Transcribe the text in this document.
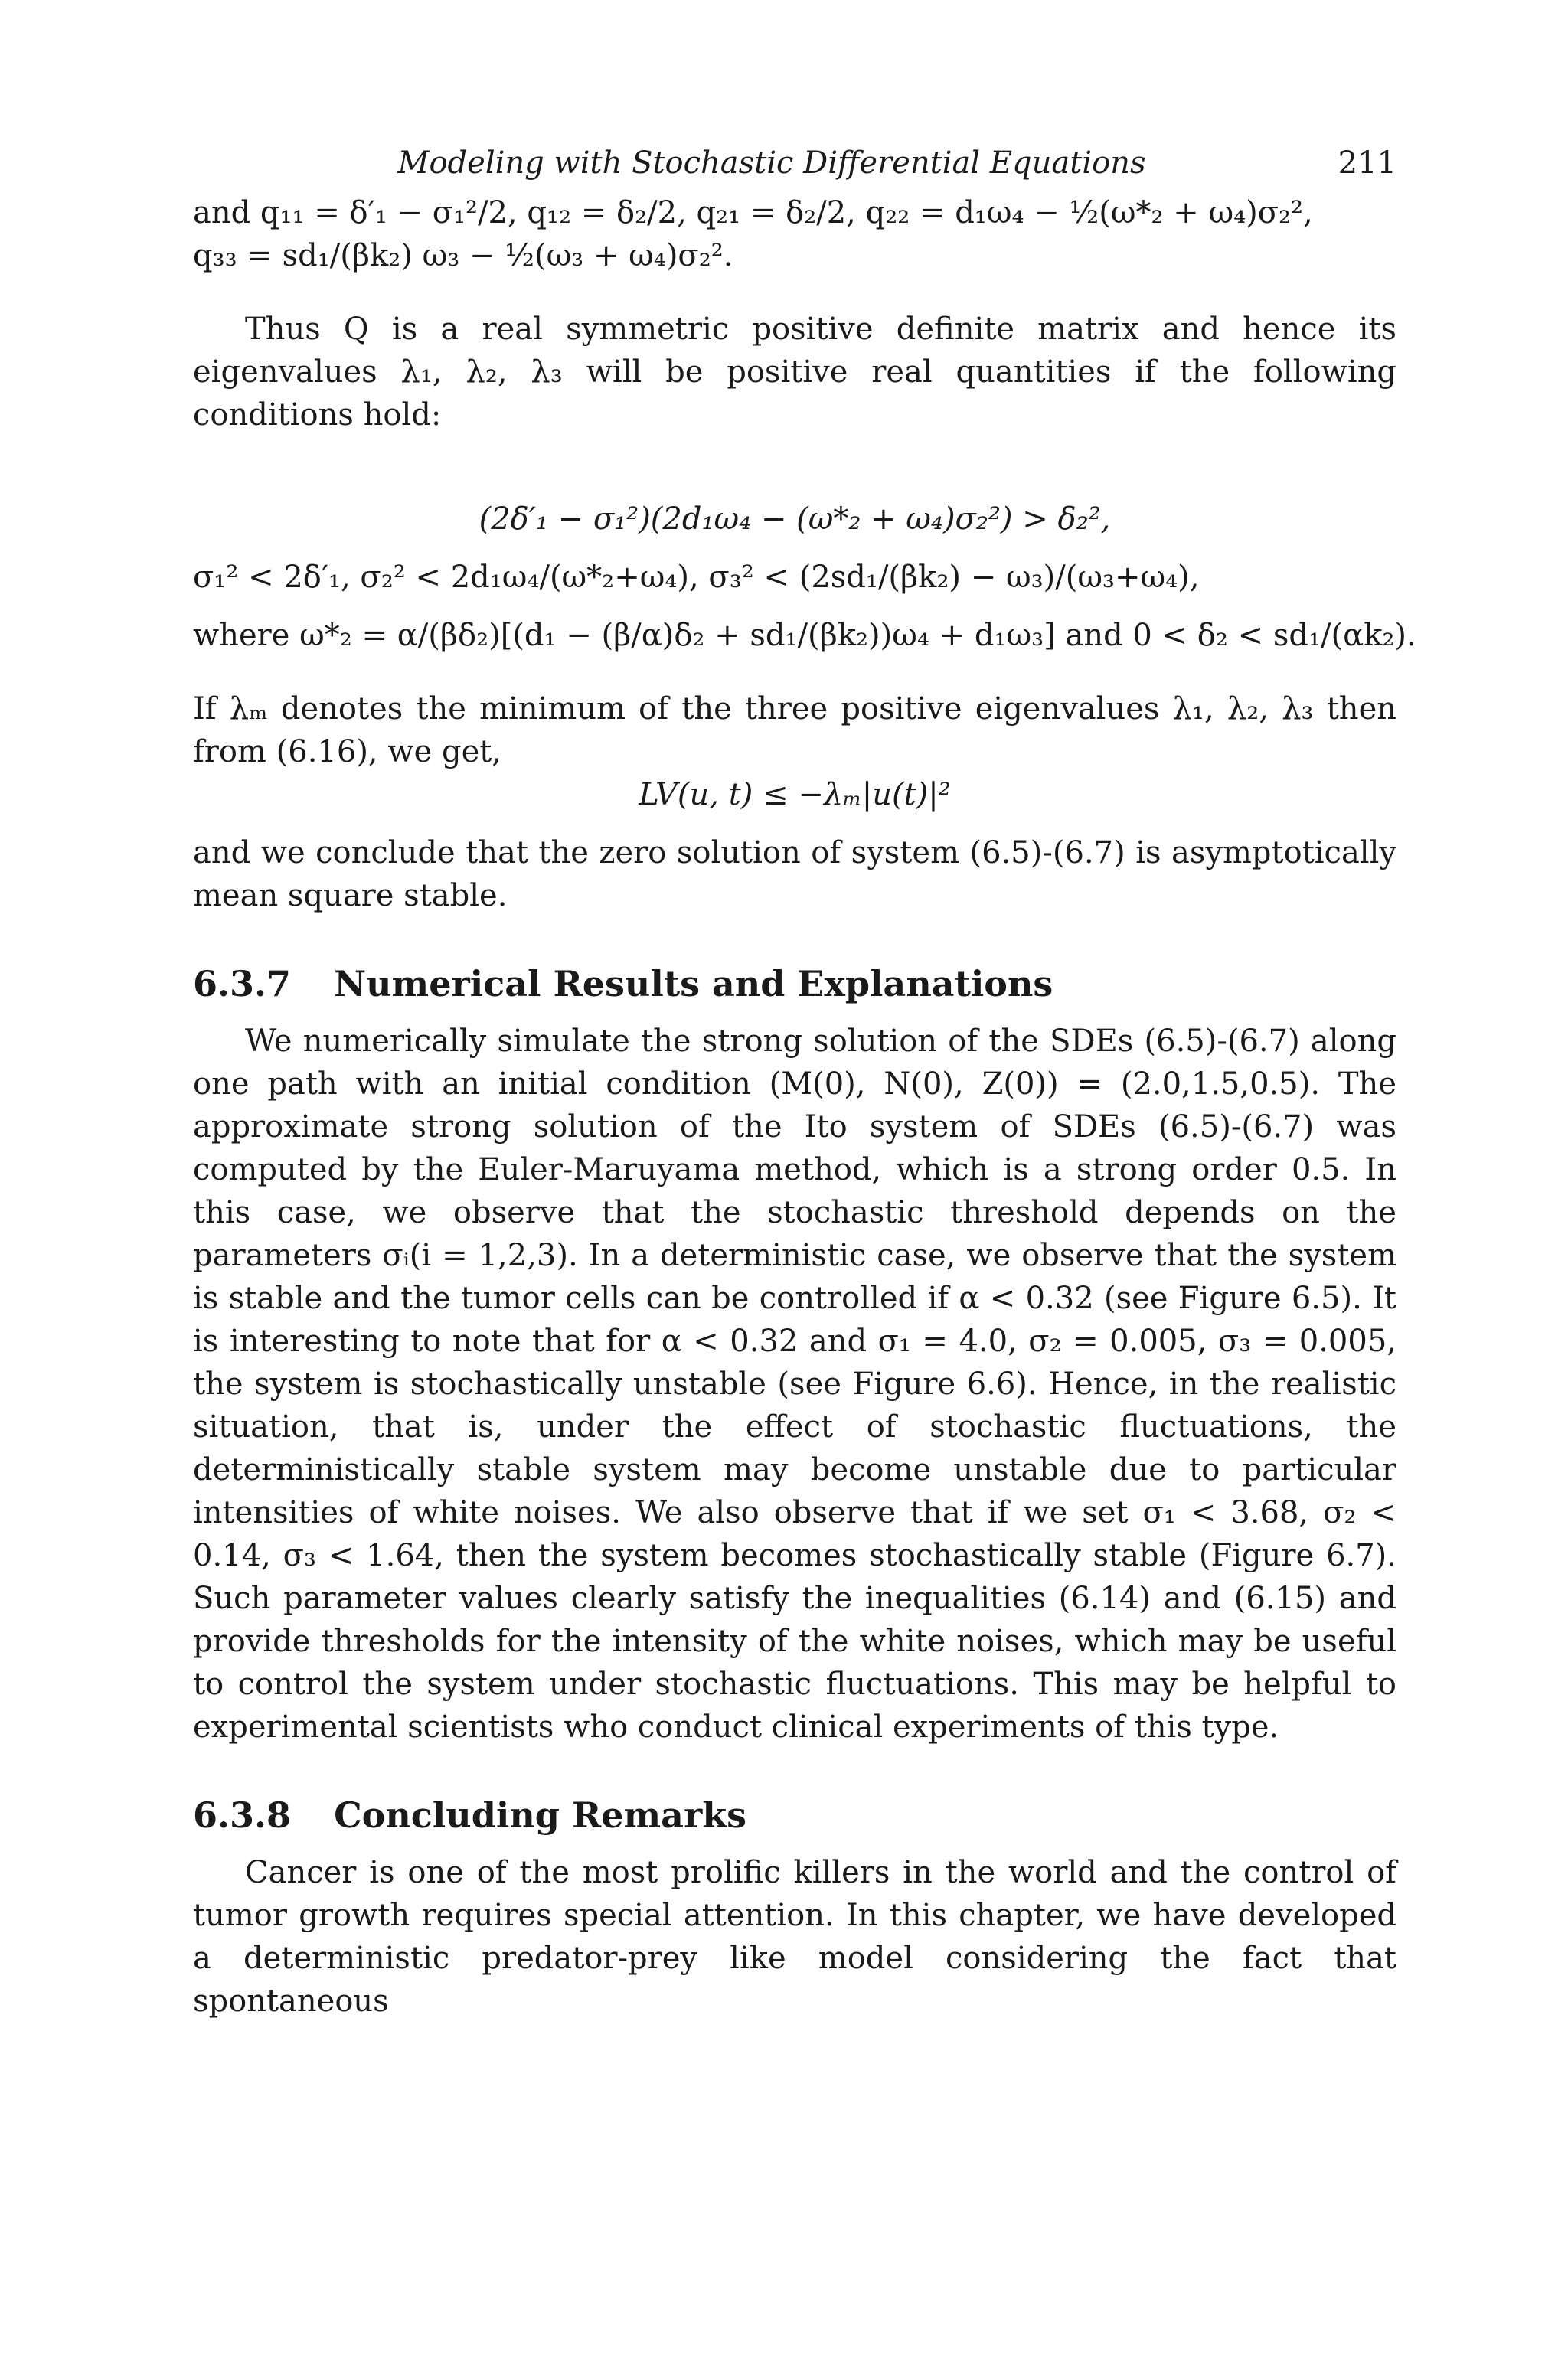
Modeling with Stochastic Differential Equations	211
and q₁₁ = δ′₁ − σ₁²/2, q₁₂ = δ₂/2, q₂₁ = δ₂/2, q₂₂ = d₁ω₄ − ½(ω*₂ + ω₄)σ₂²,
q₃₃ = sd₁/(βk₂) ω₃ − ½(ω₃ + ω₄)σ₂².

Thus Q is a real symmetric positive definite matrix and hence its eigenvalues λ₁, λ₂, λ₃ will be positive real quantities if the following conditions hold:

(2δ′₁ − σ₁²)(2d₁ω₄ − (ω*₂ + ω₄)σ₂²) > δ₂²,
σ₁² < 2δ′₁, σ₂² < 2d₁ω₄/(ω*₂+ω₄), σ₃² < (2sd₁/(βk₂) − ω₃)/(ω₃+ω₄),
where ω*₂ = α/(βδ₂)[(d₁ − (β/α)δ₂ + sd₁/(βk₂))ω₄ + d₁ω₃] and 0 < δ₂ < sd₁/(αk₂).

If λₘ denotes the minimum of the three positive eigenvalues λ₁, λ₂, λ₃ then from (6.16), we get,

LV(u, t) ≤ −λₘ|u(t)|²

and we conclude that the zero solution of system (6.5)-(6.7) is asymptotically mean square stable.

6.3.7 Numerical Results and Explanations

We numerically simulate the strong solution of the SDEs (6.5)-(6.7) along one path with an initial condition (M(0), N(0), Z(0)) = (2.0,1.5,0.5). The approximate strong solution of the Ito system of SDEs (6.5)-(6.7) was computed by the Euler-Maruyama method, which is a strong order 0.5. In this case, we observe that the stochastic threshold depends on the parameters σᵢ(i = 1,2,3). In a deterministic case, we observe that the system is stable and the tumor cells can be controlled if α < 0.32 (see Figure 6.5). It is interesting to note that for α < 0.32 and σ₁ = 4.0, σ₂ = 0.005, σ₃ = 0.005, the system is stochastically unstable (see Figure 6.6). Hence, in the realistic situation, that is, under the effect of stochastic fluctuations, the deterministically stable system may become unstable due to particular intensities of white noises. We also observe that if we set σ₁ < 3.68, σ₂ < 0.14, σ₃ < 1.64, then the system becomes stochastically stable (Figure 6.7). Such parameter values clearly satisfy the inequalities (6.14) and (6.15) and provide thresholds for the intensity of the white noises, which may be useful to control the system under stochastic fluctuations. This may be helpful to experimental scientists who conduct clinical experiments of this type.

6.3.8 Concluding Remarks

Cancer is one of the most prolific killers in the world and the control of tumor growth requires special attention. In this chapter, we have developed a deterministic predator-prey like model considering the fact that spontaneous
